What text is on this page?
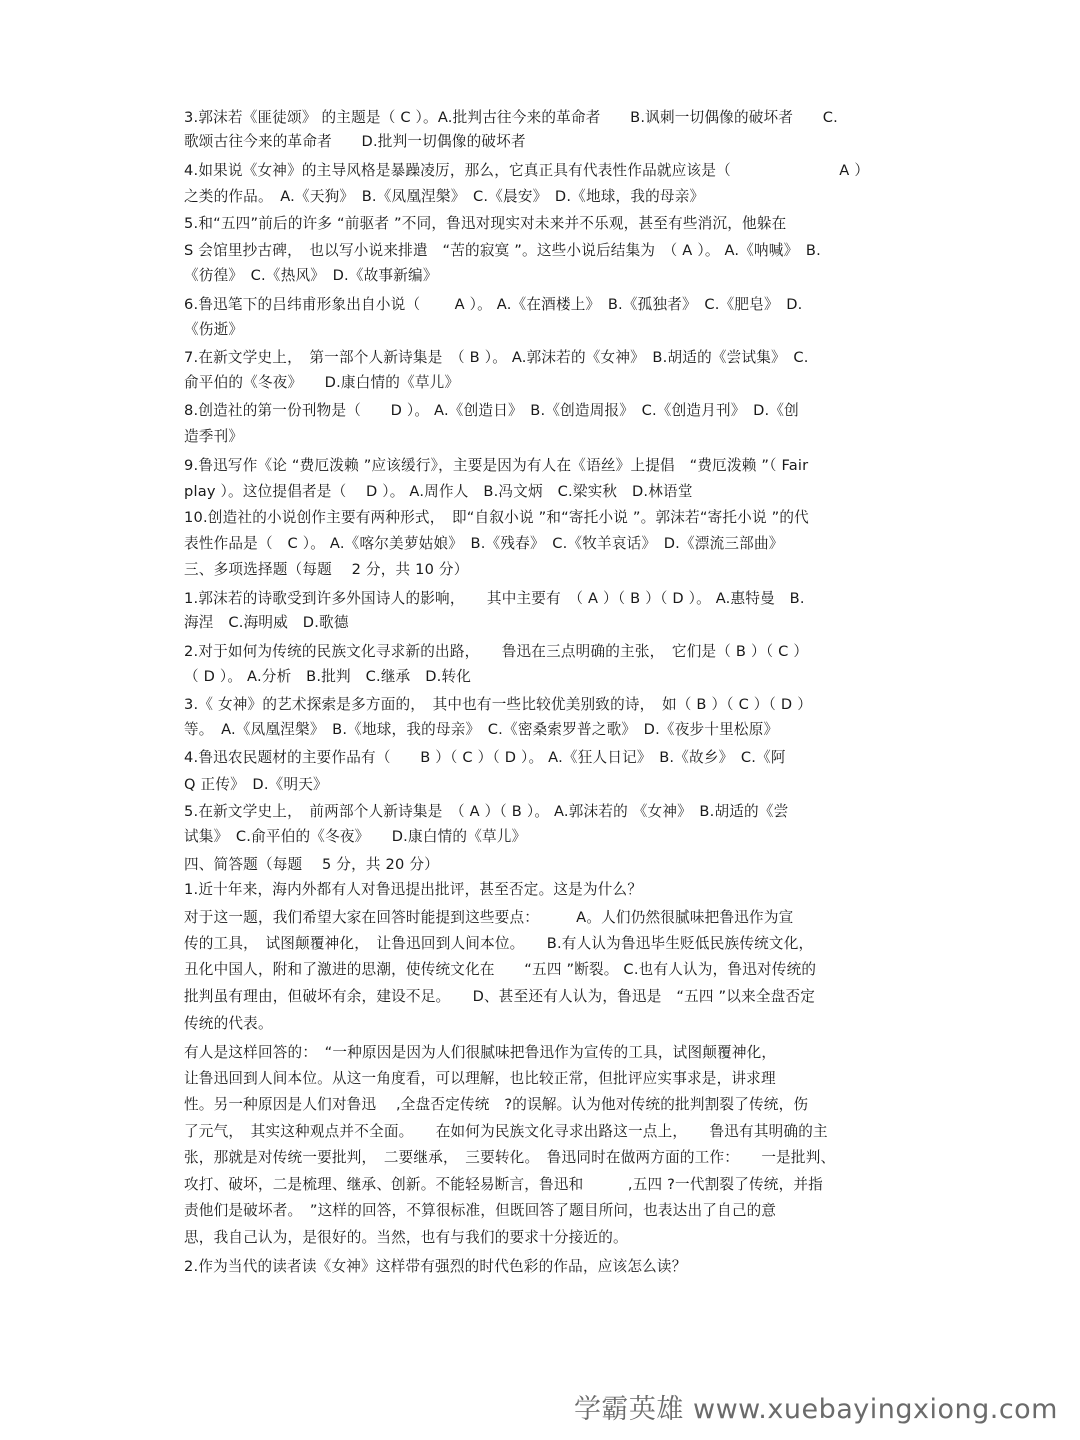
3.郭沫若《匪徒颂》 的主题是（ C ）。A.批判古往今来的革命者　　B.讽刺一切偶像的破坏者　　C.
歌颂古往今来的革命者　　D.批判一切偶像的破坏者
4.如果说《女神》的主导风格是暴躁凌厉，那么，它真正具有代表性作品就应该是（　　　　　　　 A ）
之类的作品。　A.《天狗》　B.《凤凰涅槃》　C.《晨安》　D.《地球，我的母亲》
5.和“五四”前后的许多 “前驱者 ”不同，鲁迅对现实对未来并不乐观，甚至有些消沉，他躲在
S 会馆里抄古碑，　也以写小说来排遣　“苦的寂寞 ”。这些小说后结集为　（ A ）。 A.《呐喊》　B.
《彷徨》　C.《热风》　D.《故事新编》
6.鲁迅笔下的吕纬甫形象出自小说（　　 A ）。 A.《在酒楼上》　B.《孤独者》　C.《肥皂》　D.
《伤逝》
7.在新文学史上，　第一部个人新诗集是　（ B ）。 A.郭沫若的《女神》　B.胡适的《尝试集》　C.
俞平伯的《冬夜》　　D.康白情的《草儿》
8.创造社的第一份刊物是（　　D ）。 A.《创造日》　B.《创造周报》　C.《创造月刊》　D.《创
造季刊》
9.鲁迅写作《论 “费厄泼赖 ”应该缓行》，主要是因为有人在《语丝》上提倡　“费厄泼赖 ”（ Fair
play ）。这位提倡者是（　 D ）。 A.周作人　B.冯文炳　C.梁实秋　D.林语堂
10.创造社的小说创作主要有两种形式，　即“自叙小说 ”和“寄托小说 ”。郭沫若“寄托小说 ”的代
表性作品是（　C ）。 A.《喀尔美萝姑娘》　B.《残春》　C.《牧羊哀话》　D.《漂流三部曲》
三、多项选择题（每题　 2 分，共 10 分）
1.郭沫若的诗歌受到许多外国诗人的影响，　　其中主要有　（ A ）（ B ）（ D ）。 A.惠特曼　B.
海涅　C.海明威　D.歌德
2.对于如何为传统的民族文化寻求新的出路，　　鲁迅在三点明确的主张，　它们是（ B ）（ C ）
（ D ）。 A.分析　B.批判　C.继承　D.转化
3.《 女神》的艺术探索是多方面的，　其中也有一些比较优美别致的诗，　如（ B ）（ C ）（ D ）
等。　A.《凤凰涅槃》　B.《地球，我的母亲》　C.《密桑索罗普之歌》　D.《夜步十里松原》
4.鲁迅农民题材的主要作品有（　　B ）（ C ）（ D ）。 A.《狂人日记》　B.《故乡》　C.《阿
Q 正传》　D.《明天》
5.在新文学史上，　前两部个人新诗集是　（ A ）（ B ）。 A.郭沫若的 《女神》　B.胡适的《尝
试集》　C.俞平伯的《冬夜》　　D.康白情的《草儿》
四、简答题（每题　 5 分，共 20 分）
1.近十年来，海内外都有人对鲁迅提出批评，甚至否定。这是为什么？
对于这一题，我们希望大家在回答时能提到这些要点：　　　A。人们仍然很腻味把鲁迅作为宣
传的工具，　试图颠覆神化，　让鲁迅回到人间本位。　　B.有人认为鲁迅毕生贬低民族传统文化，
丑化中国人，附和了激进的思潮，使传统文化在　　“五四 ”断裂。 C.也有人认为，鲁迅对传统的
批判虽有理由，但破坏有余，建设不足。　　D、甚至还有人认为，鲁迅是　“五四 ”以来全盘否定
传统的代表。
有人是这样回答的：　“一种原因是因为人们很腻味把鲁迅作为宣传的工具，试图颠覆神化，
让鲁迅回到人间本位。从这一角度看，可以理解，也比较正常，但批评应实事求是，讲求理
性。另一种原因是人们对鲁迅　 ,全盘否定传统　?的误解。认为他对传统的批判割裂了传统，伤
了元气，　其实这种观点并不全面。　　在如何为民族文化寻求出路这一点上，　　鲁迅有其明确的主
张，那就是对传统一要批判，　二要继承，　三要转化。　鲁迅同时在做两方面的工作：　　一是批判、
攻打、破坏，二是梳理、继承、创新。不能轻易断言，鲁迅和　　　,五四 ?一代割裂了传统，并指
责他们是破坏者。　”这样的回答，不算很标准，但既回答了题目所问，也表达出了自己的意
思，我自己认为，是很好的。当然，也有与我们的要求十分接近的。
2.作为当代的读者读《女神》这样带有强烈的时代色彩的作品，应该怎么读？
学霸英雄 www.xuebayingxiong.com
